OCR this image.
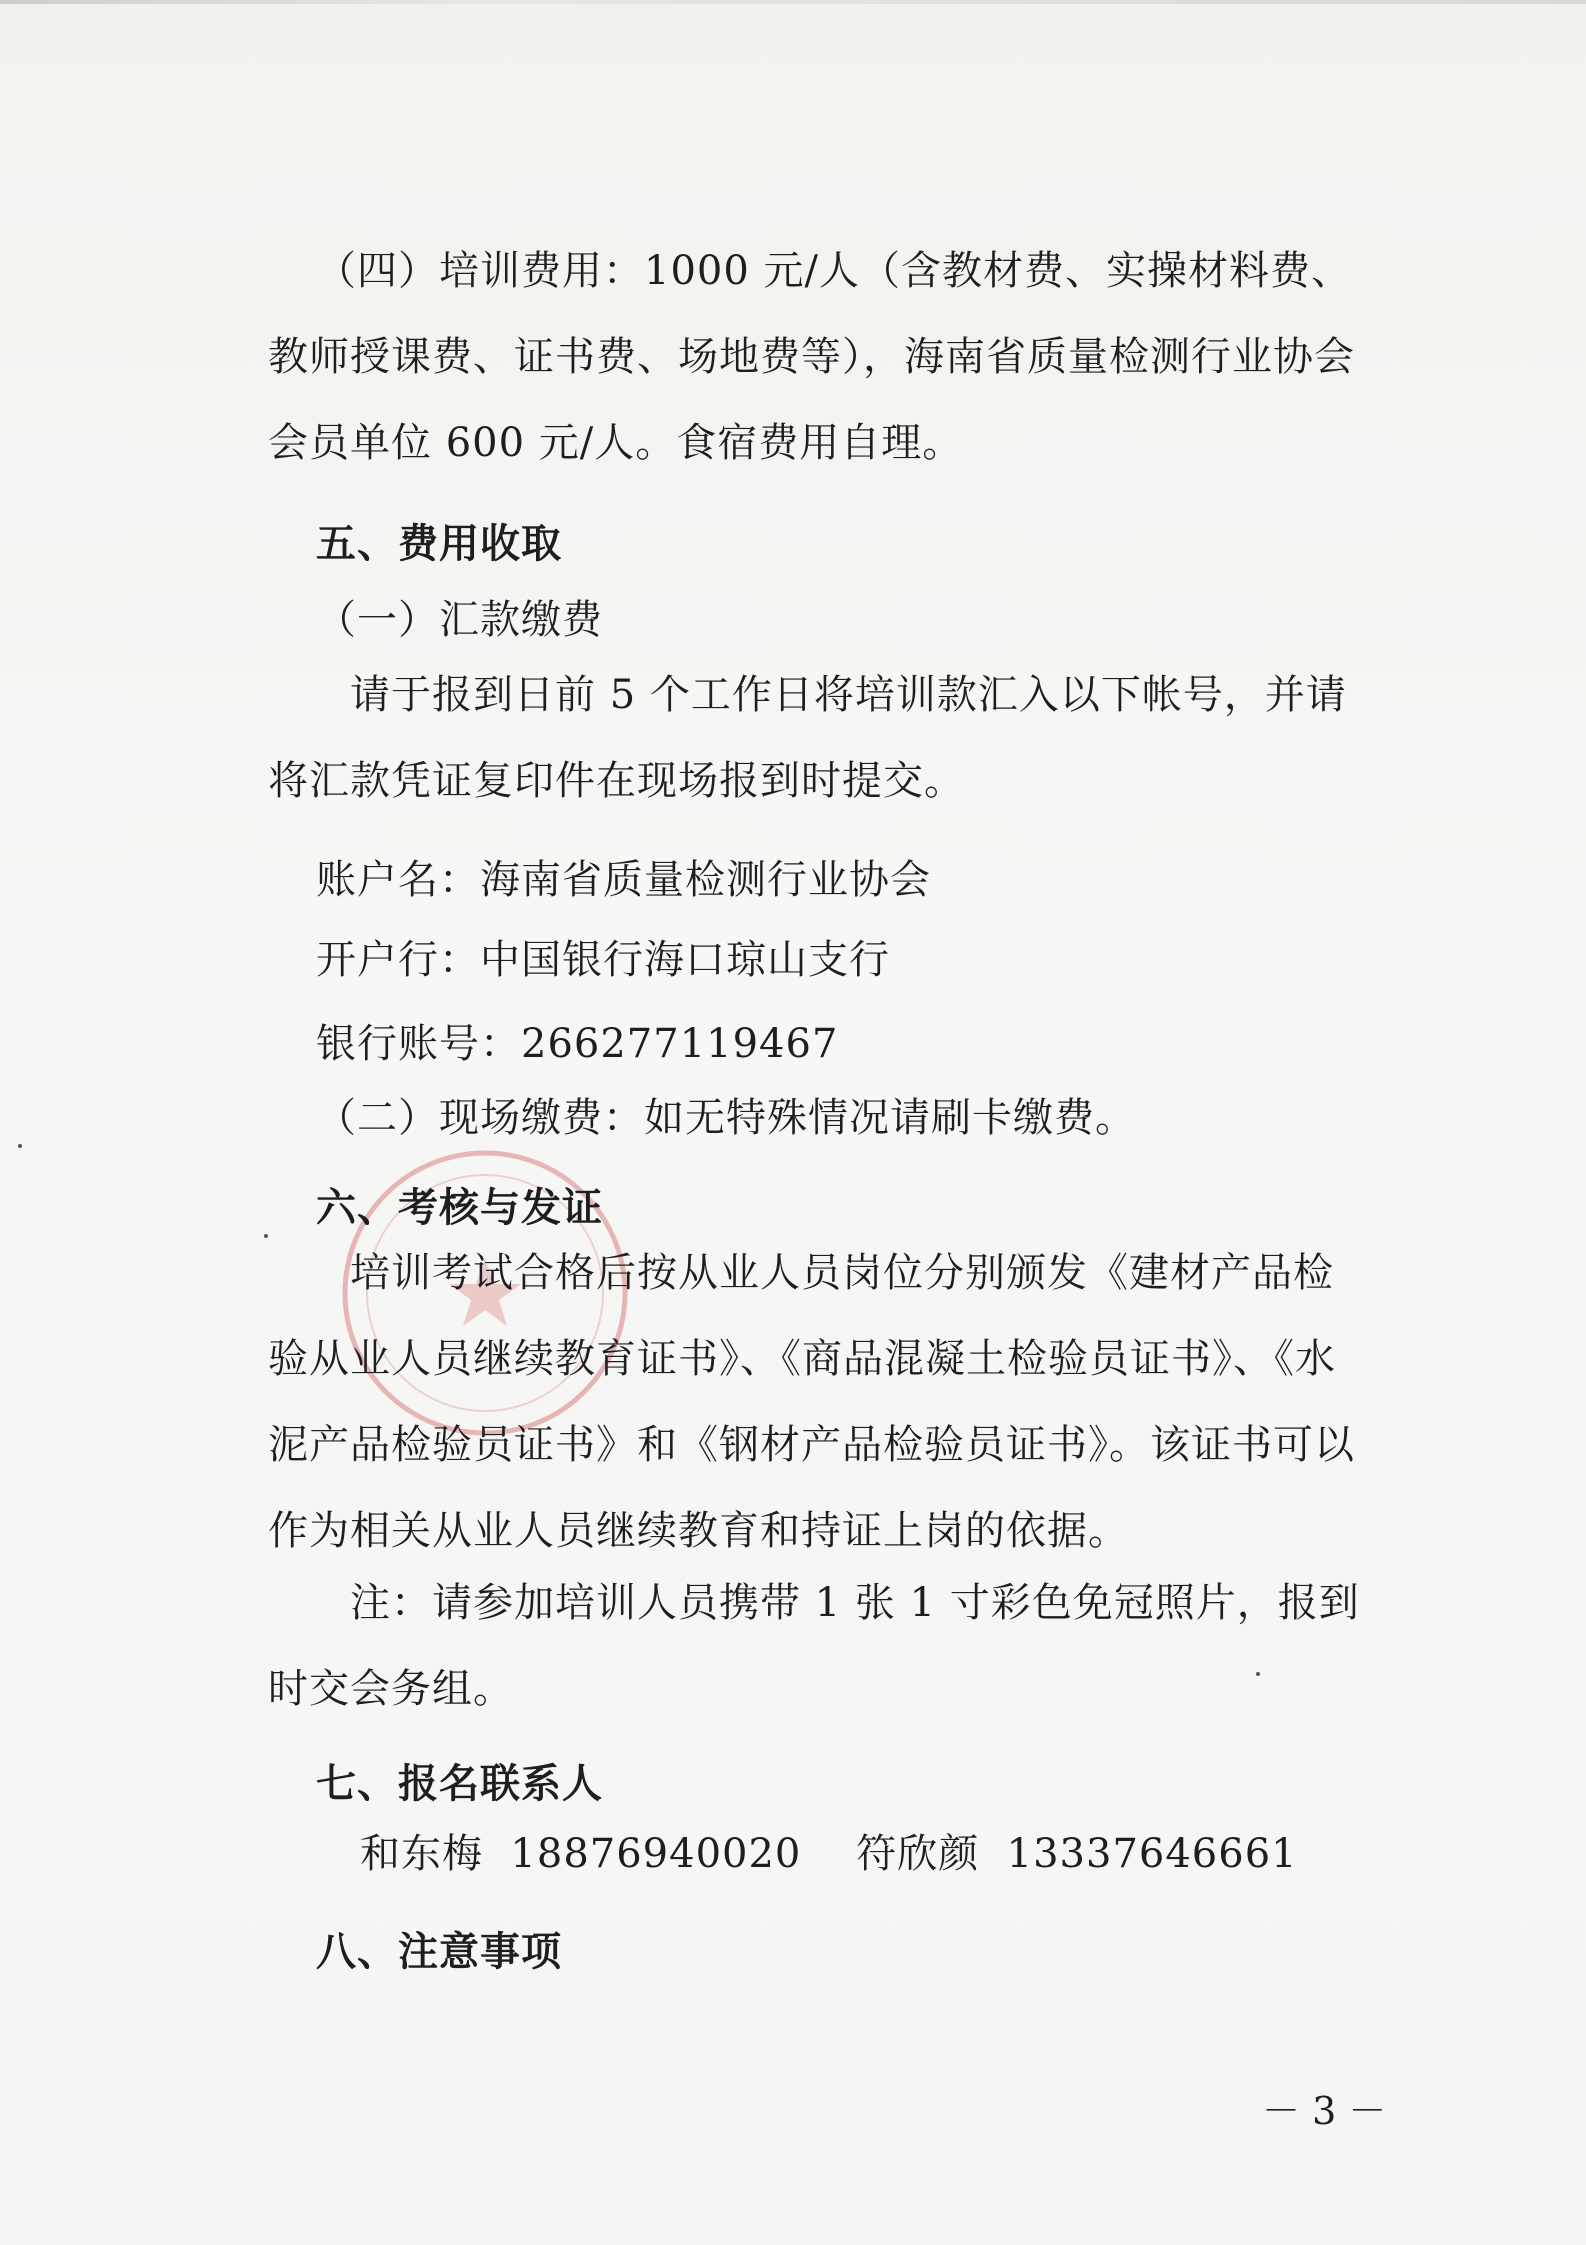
（四）培训费用：1000 元/人（含教材费、实操材料费、教师授课费、证书费、场地费等），海南省质量检测行业协会会员单位 600 元/人。食宿费用自理。

五、费用收取
（一）汇款缴费

请于报到日前 5 个工作日将培训款汇入以下帐号，并请将汇款凭证复印件在现场报到时提交。

账户名：海南省质量检测行业协会
开户行：中国银行海口琼山支行
银行账号：266277119467
（二）现场缴费：如无特殊情况请刷卡缴费。
六、考核与发证

培训考试合格后按从业人员岗位分别颁发《建材产品检验从业人员继续教育证书》、《商品混凝土检验员证书》、《水泥产品检验员证书》和《钢材产品检验员证书》。该证书可以作为相关从业人员继续教育和持证上岗的依据。

注：请参加培训人员携带 1 张 1 寸彩色免冠照片，报到时交会务组。

七、报名联系人
和东梅  18876940020    符欣颜  13337646661
八、注意事项
－ 3 －
